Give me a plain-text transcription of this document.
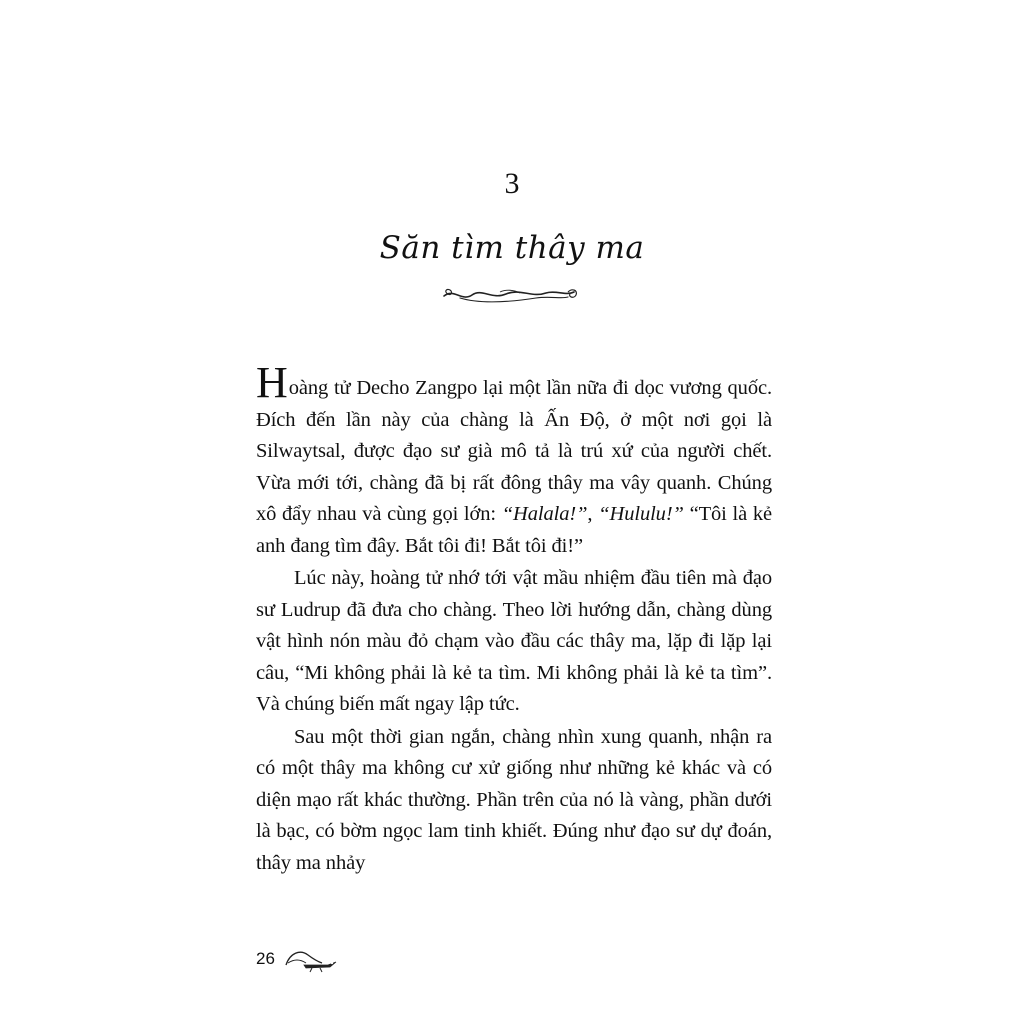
3
Săn tìm thây ma

Hoàng tử Decho Zangpo lại một lần nữa đi dọc vương quốc. Đích đến lần này của chàng là Ấn Độ, ở một nơi gọi là Silwaytsal, được đạo sư già mô tả là trú xứ của người chết. Vừa mới tới, chàng đã bị rất đông thây ma vây quanh. Chúng xô đẩy nhau và cùng gọi lớn: “Halala!”, “Hululu!” “Tôi là kẻ anh đang tìm đây. Bắt tôi đi! Bắt tôi đi!”

Lúc này, hoàng tử nhớ tới vật mầu nhiệm đầu tiên mà đạo sư Ludrup đã đưa cho chàng. Theo lời hướng dẫn, chàng dùng vật hình nón màu đỏ chạm vào đầu các thây ma, lặp đi lặp lại câu, “Mi không phải là kẻ ta tìm. Mi không phải là kẻ ta tìm”. Và chúng biến mất ngay lập tức.

Sau một thời gian ngắn, chàng nhìn xung quanh, nhận ra có một thây ma không cư xử giống như những kẻ khác và có diện mạo rất khác thường. Phần trên của nó là vàng, phần dưới là bạc, có bờm ngọc lam tinh khiết. Đúng như đạo sư dự đoán, thây ma nhảy

26
